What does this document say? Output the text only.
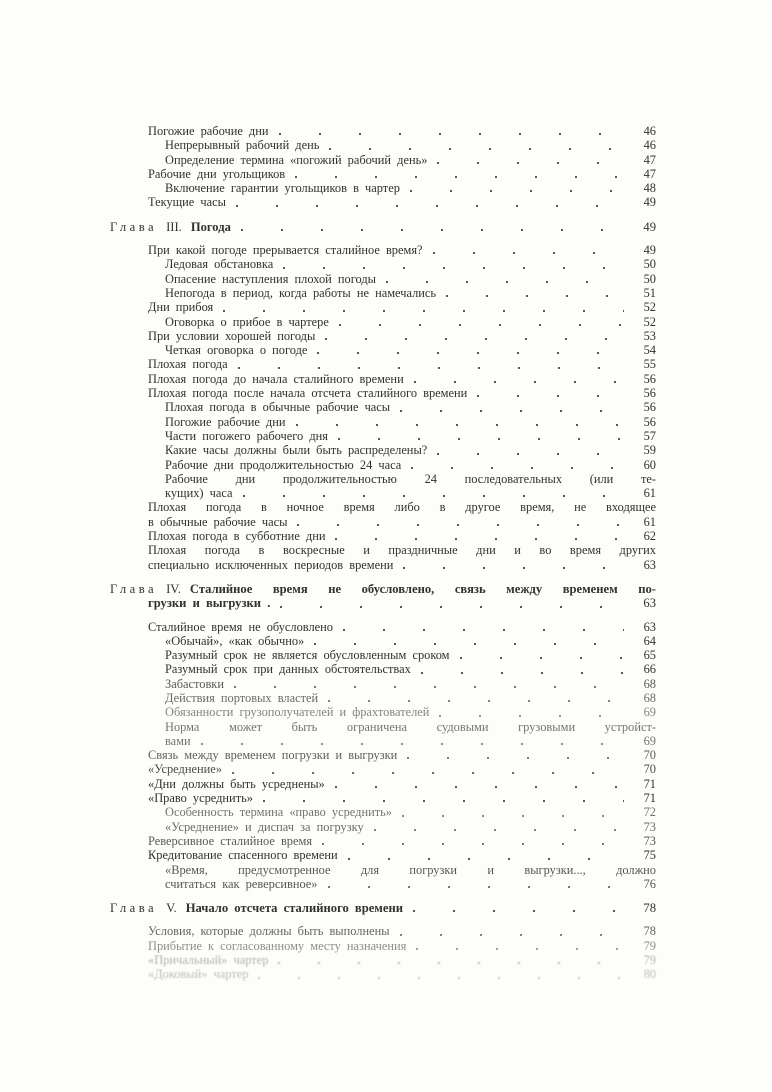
Погожие рабочие дни	46
Непрерывный рабочий день	46
Определение термина «погожий рабочий день»	47
Рабочие дни угольщиков	47
Включение гарантии угольщиков в чартер	48
Текущие часы	49
Глава III. Погода	49
При какой погоде прерывается сталийное время?	49
Ледовая обстановка	50
Опасение наступления плохой погоды	50
Непогода в период, когда работы не намечались	51
Дни прибоя	52
Оговорка о прибое в чартере	52
При условии хорошей погоды	53
Четкая оговорка о погоде	54
Плохая погода	55
Плохая погода до начала сталийного времени	56
Плохая погода после начала отсчета сталийного времени	56
Плохая погода в обычные рабочие часы	56
Погожие рабочие дни	56
Части погожего рабочего дня	57
Какие часы должны были быть распределены?	59
Рабочие дни продолжительностью 24 часа	60
Рабочие дни продолжительностью 24 последовательных (или те-
кущих) часа	61
Плохая погода в ночное время либо в другое время, не входящее
в обычные рабочие часы	61
Плохая погода в субботние дни	62
Плохая погода в воскресные и праздничные дни и во время других
специально исключенных периодов времени	63
Глава IV. Сталийное время не обусловлено, связь между временем по-
грузки и выгрузки .	63
Сталийное время не обусловлено	63
«Обычай», «как обычно»	64
Разумный срок не является обусловленным сроком	65
Разумный срок при данных обстоятельствах	66
Забастовки	68
Действия портовых властей	68
Обязанности грузополучателей и фрахтователей	69
Норма может быть ограничена судовыми грузовыми устройст-
вами	69
Связь между временем погрузки и выгрузки	70
«Усреднение»	70
«Дни должны быть усреднены»	71
«Право усреднить»	71
Особенность термина «право усреднить»	72
«Усреднение» и диспач за погрузку	73
Реверсивное сталийное время	73
Кредитование спасенного времени	75
«Время, предусмотренное для погрузки и выгрузки..., должно
считаться как реверсивное»	76
Глава V. Начало отсчета сталийного времени	78
Условия, которые должны быть выполнены	78
Прибытие к согласованному месту назначения	79
«Причальный» чартер	79
«Доковый» чартер	80
